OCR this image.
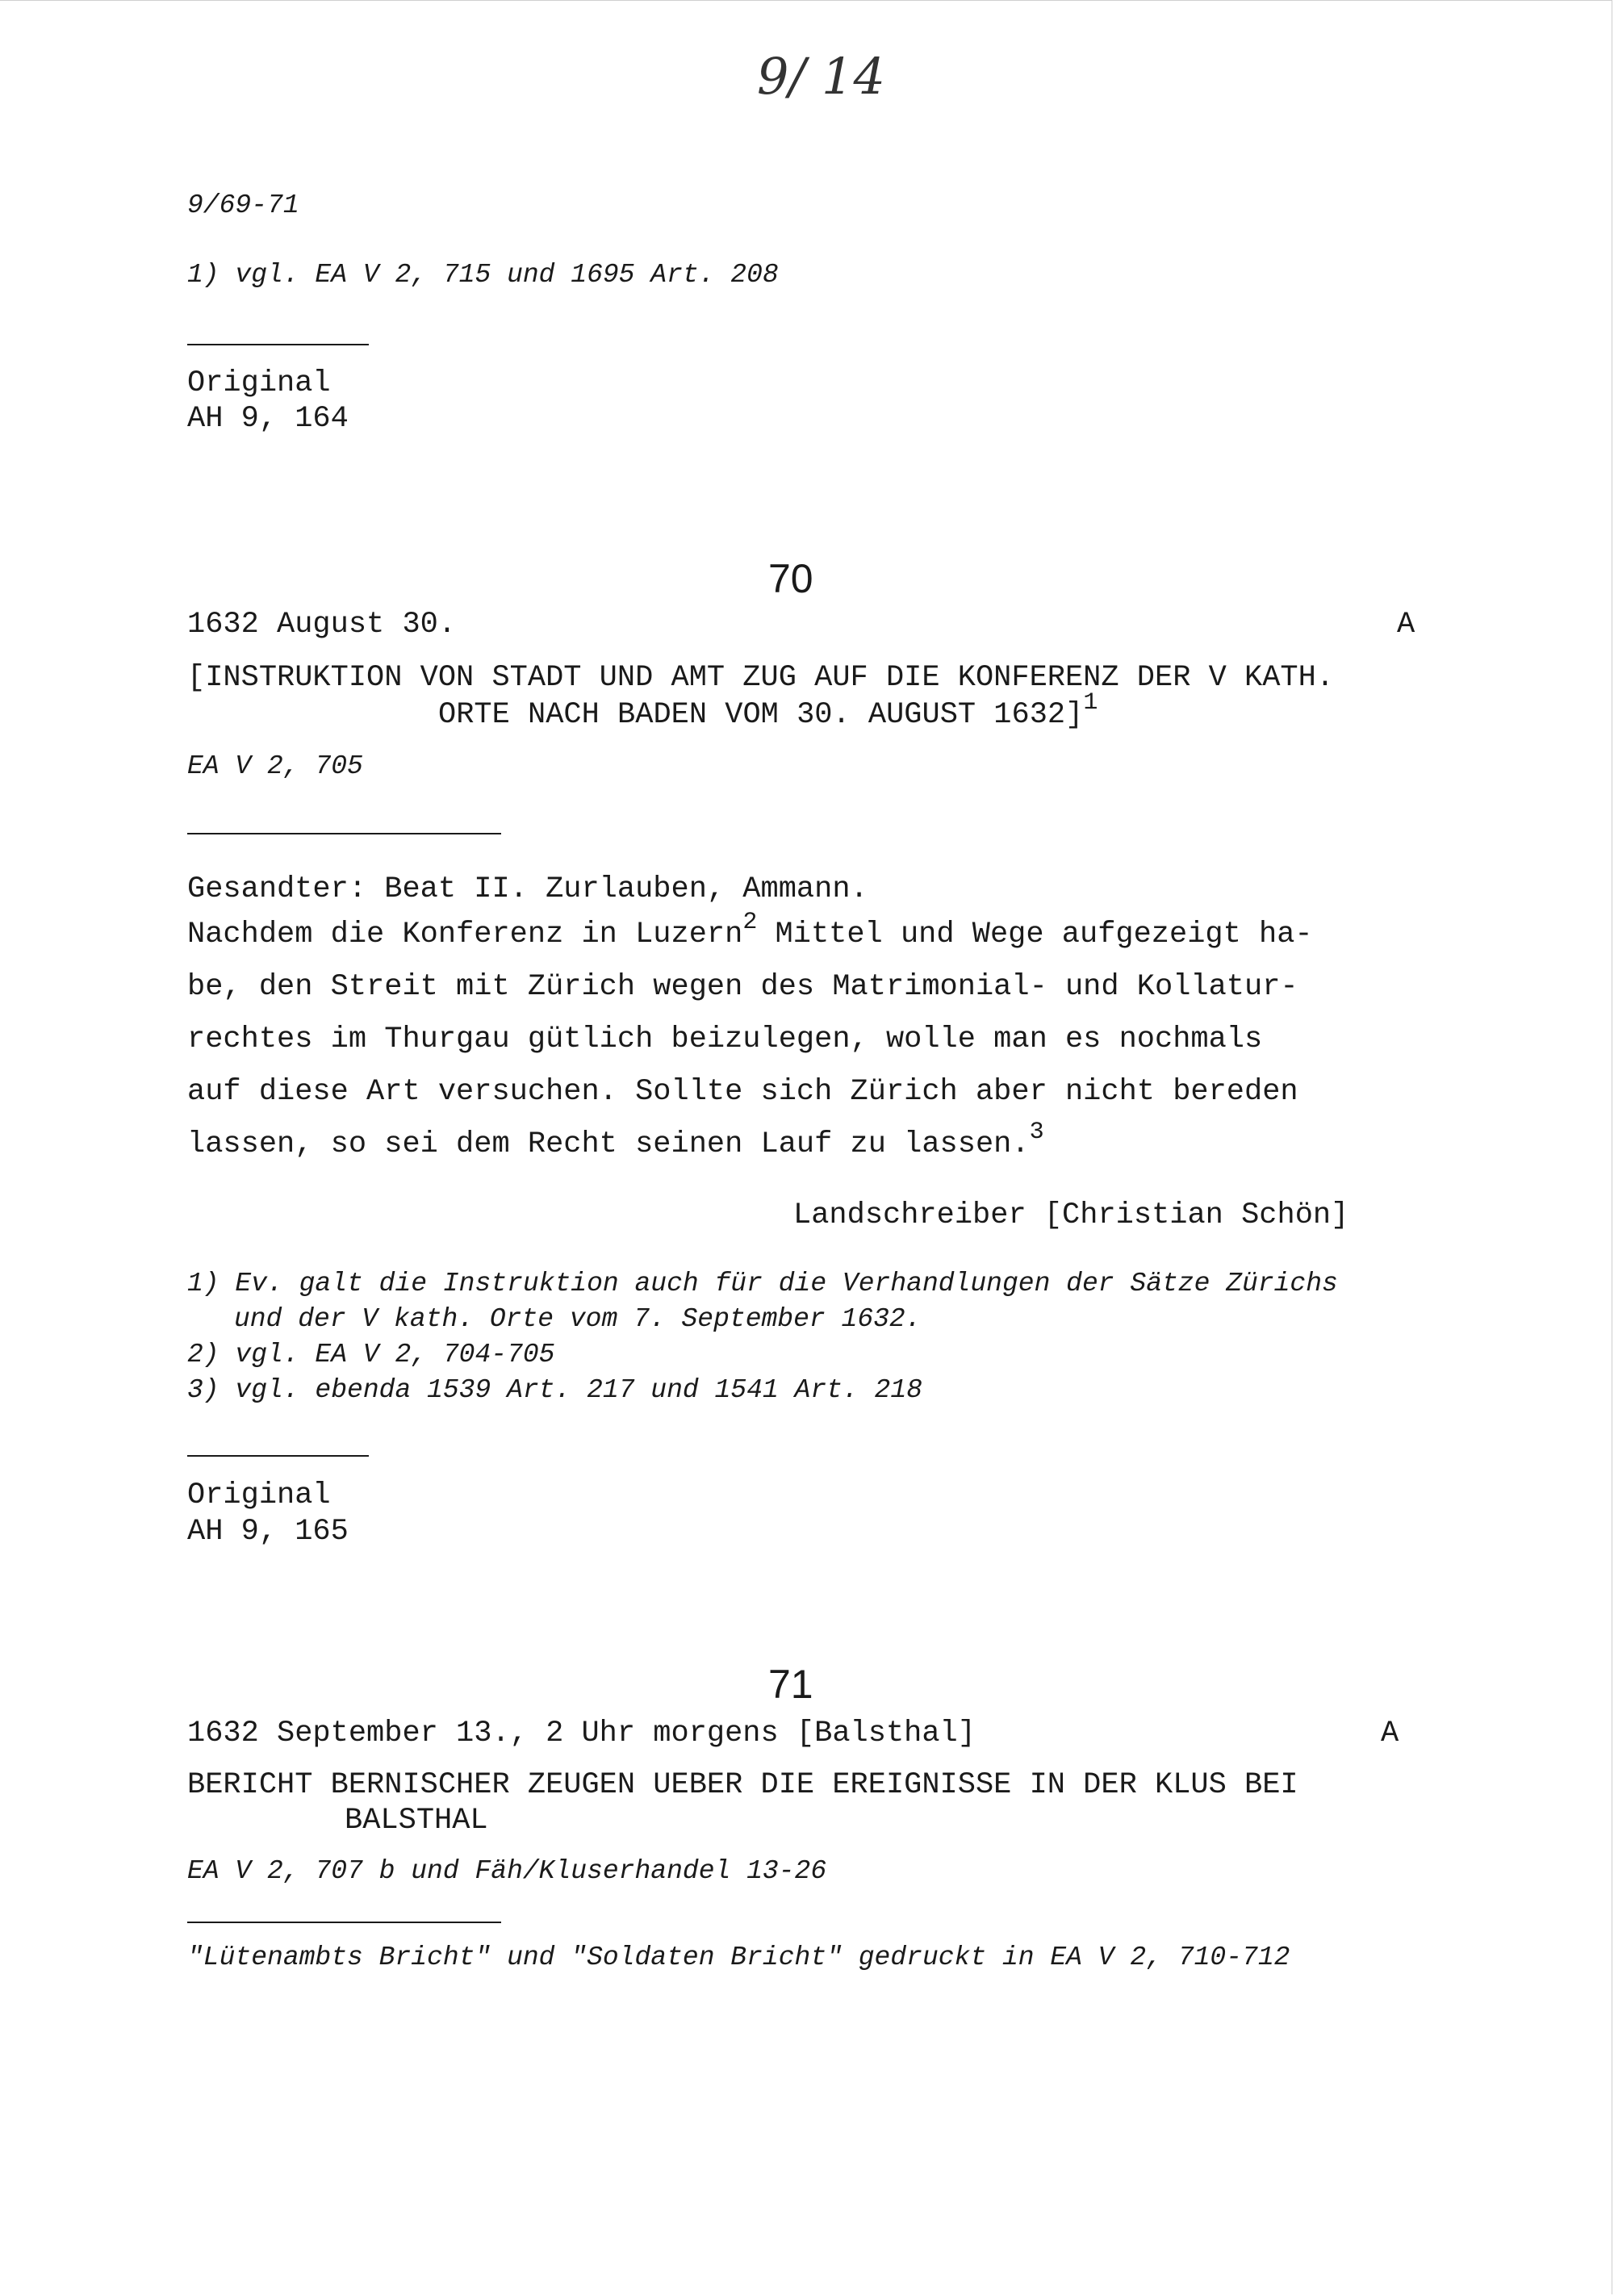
9/ 14
9/69-71
1) vgl. EA V 2, 715 und 1695 Art. 208
Original
AH 9, 164
70
1632 August 30.	A
[INSTRUKTION VON STADT UND AMT ZUG AUF DIE KONFERENZ DER V KATH.
ORTE NACH BADEN VOM 30. AUGUST 1632]$^1$
EA V 2, 705
Gesandter: Beat II. Zurlauben, Ammann.
Nachdem die Konferenz in Luzern$^2$ Mittel und Wege aufgezeigt ha-
be, den Streit mit Zürich wegen des Matrimonial- und Kollatur-
rechtes im Thurgau gütlich beizulegen, wolle man es nochmals
auf diese Art versuchen. Sollte sich Zürich aber nicht bereden
lassen, so sei dem Recht seinen Lauf zu lassen.$^3$
Landschreiber [Christian Schön]
1) Ev. galt die Instruktion auch für die Verhandlungen der Sätze Zürichs
und der V kath. Orte vom 7. September 1632.
2) vgl. EA V 2, 704-705
3) vgl. ebenda 1539 Art. 217 und 1541 Art. 218
Original
AH 9, 165
71
1632 September 13., 2 Uhr morgens [Balsthal]	A
BERICHT BERNISCHER ZEUGEN UEBER DIE EREIGNISSE IN DER KLUS BEI
BALSTHAL
EA V 2, 707 b und Fäh/Kluserhandel 13-26
"Lütenambts Bricht" und "Soldaten Bricht" gedruckt in EA V 2, 710-712
